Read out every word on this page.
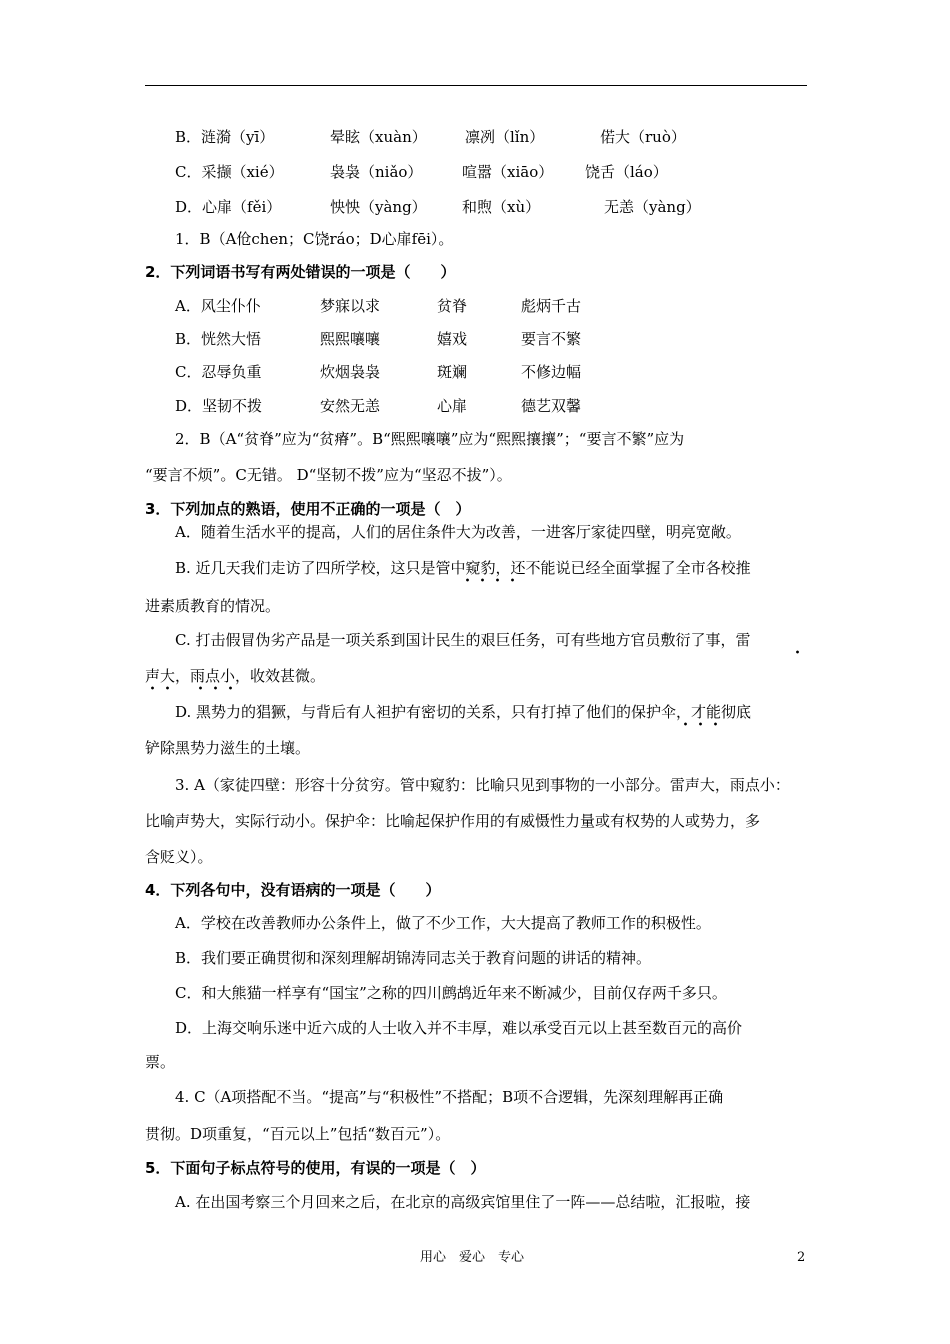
B．涟漪（yī）	晕眩（xuàn）	凛冽（lǐn）	偌大（ruò）
C．采撷（xié）	袅袅（niǎo）	喧嚣（xiāo） 饶舌（láo）
D．心扉（fěi）	怏怏（yàng） 和煦（xù）	无恙（yàng）
1．B（A伧chen；C饶ráo；D心扉fēi）。
2．下列词语书写有两处错误的一项是（　　）
A．风尘仆仆	梦寐以求	贫脊	彪炳千古
B．恍然大悟	熙熙嚷嚷	嬉戏	要言不繁
C．忍辱负重	炊烟袅袅	斑斓	不修边幅
D．坚韧不拨	安然无恙	心扉	德艺双馨
2．B（A“贫脊”应为“贫瘠”。B“熙熙嚷嚷”应为“熙熙攘攘”；“要言不繁”应为
“要言不烦”。C无错。 D“坚韧不拨”应为“坚忍不拔”）。
3．下列加点的熟语，使用不正确的一项是（　）
A．随着生活水平的提高，人们的居住条件大为改善，一进客厅家徒四壁，明亮宽敞。
B. 近几天我们走访了四所学校，这只是管中窥豹，还不能说已经全面掌握了全市各校推
进素质教育的情况。
C. 打击假冒伪劣产品是一项关系到国计民生的艰巨任务，可有些地方官员敷衍了事，雷
声大，雨点小，收效甚微。
D. 黑势力的猖獗，与背后有人袒护有密切的关系，只有打掉了他们的保护伞，才能彻底
铲除黑势力滋生的土壤。
3. A（家徒四壁：形容十分贫穷。管中窥豹：比喻只见到事物的一小部分。雷声大，雨点小：
比喻声势大，实际行动小。保护伞：比喻起保护作用的有威慑性力量或有权势的人或势力，多
含贬义）。
4．下列各句中，没有语病的一项是（　　）
A．学校在改善教师办公条件上，做了不少工作，大大提高了教师工作的积极性。
B．我们要正确贯彻和深刻理解胡锦涛同志关于教育问题的讲话的精神。
C．和大熊猫一样享有“国宝”之称的四川鹧鸪近年来不断减少，目前仅存两千多只。
D．上海交响乐迷中近六成的人士收入并不丰厚，难以承受百元以上甚至数百元的高价
票。
4. C（A项搭配不当。“提高”与“积极性”不搭配；B项不合逻辑，先深刻理解再正确
贯彻。D项重复，“百元以上”包括“数百元”）。
5．下面句子标点符号的使用，有误的一项是（　）
A. 在出国考察三个月回来之后，在北京的高级宾馆里住了一阵——总结啦，汇报啦，接
用心　爱心　专心	2
